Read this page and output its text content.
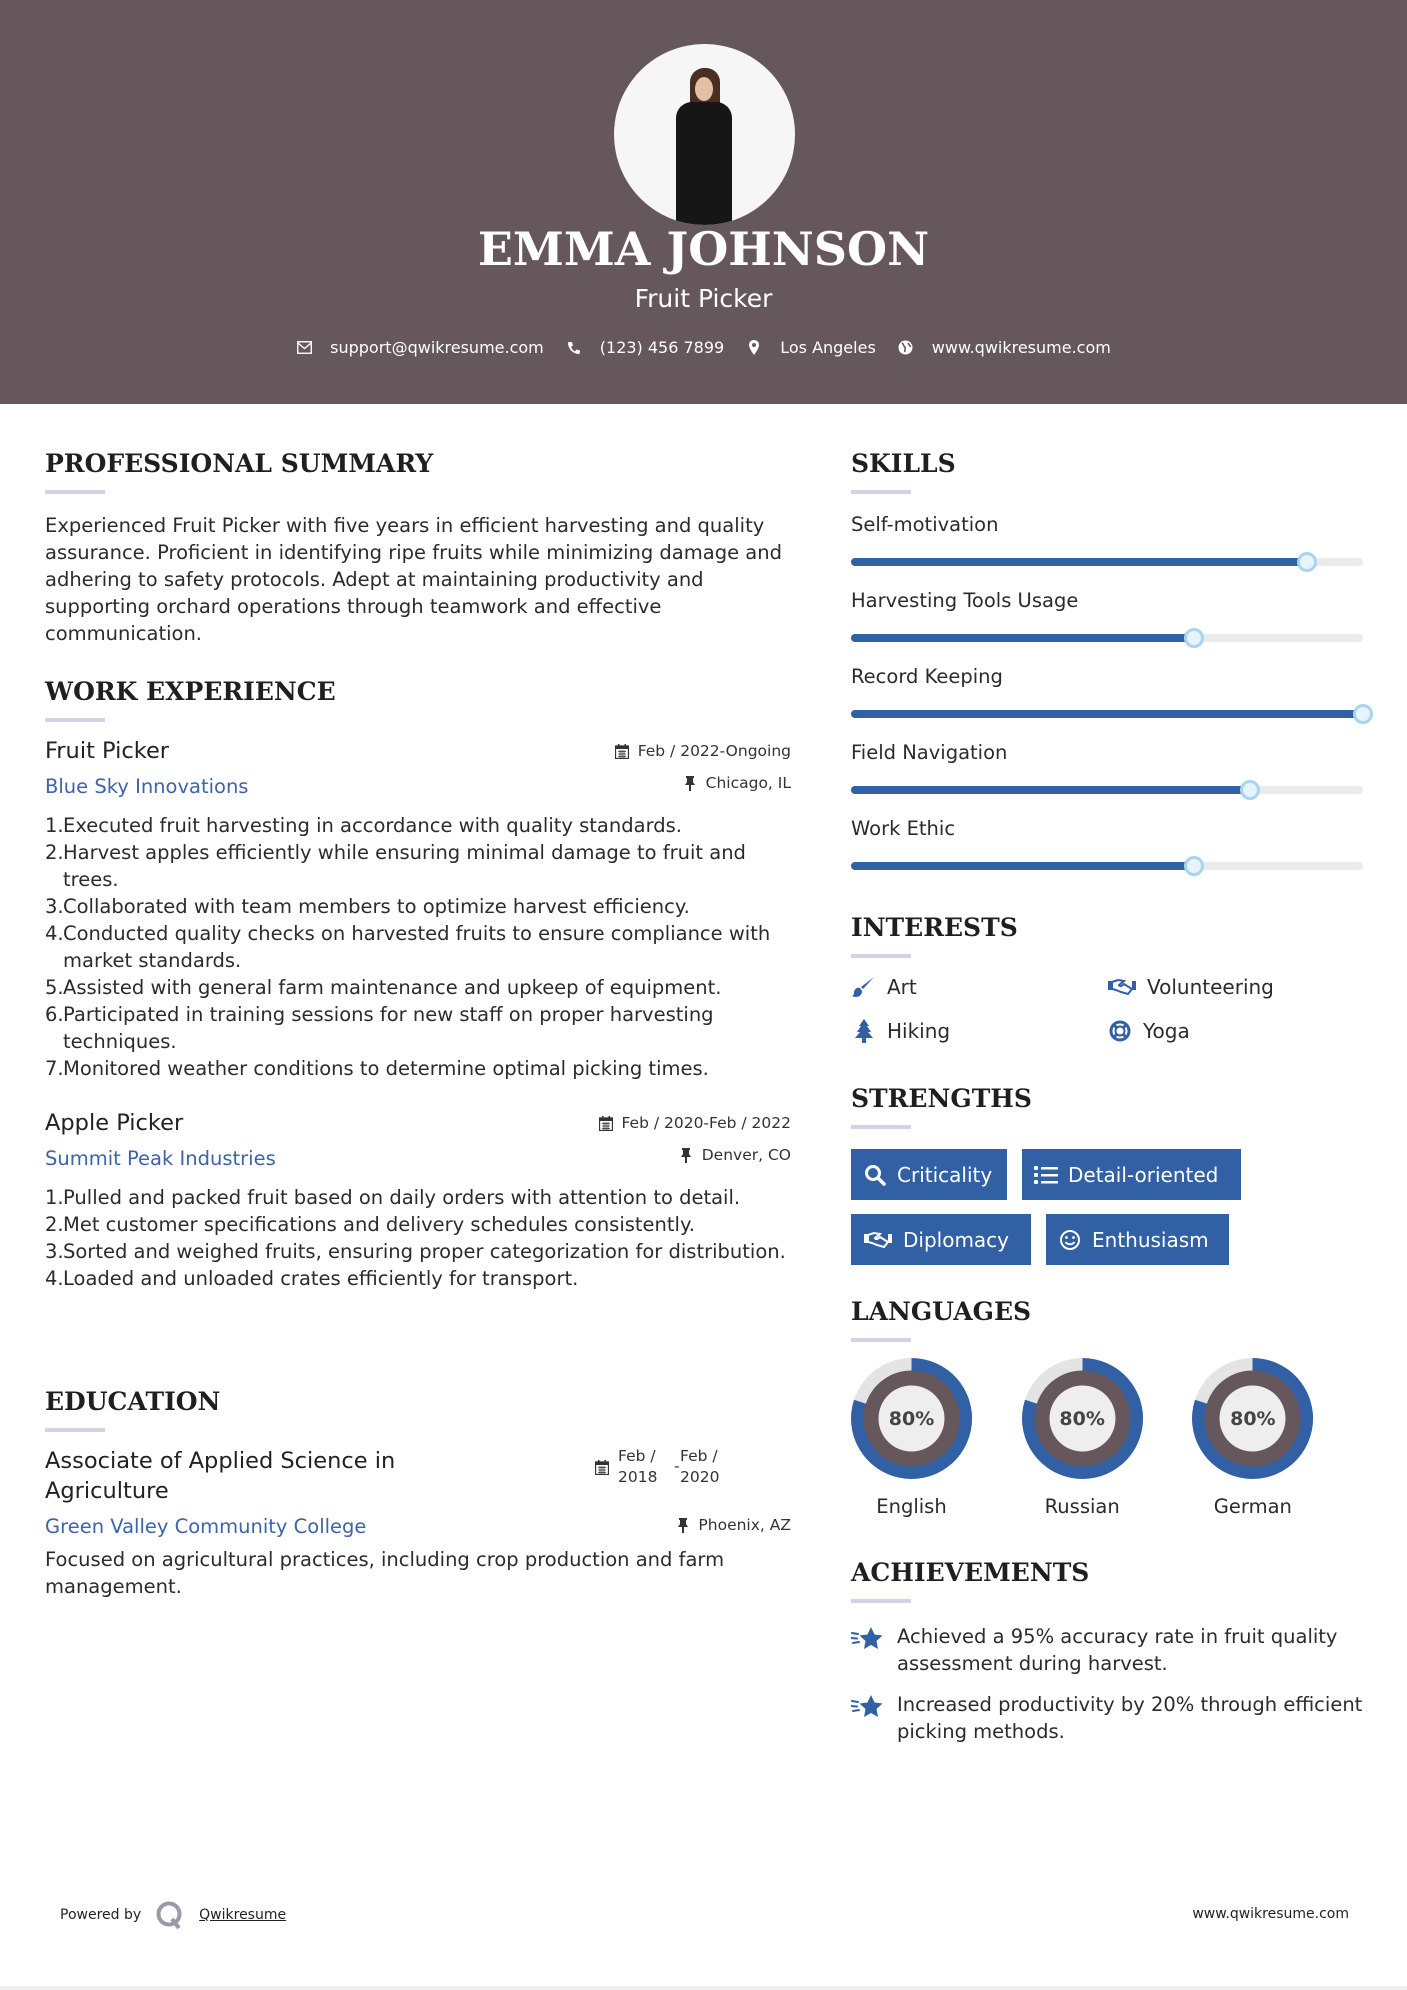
EMMA JOHNSON
Fruit Picker
support@qwikresume.com	(123) 456 7899	Los Angeles	www.qwikresume.com
PROFESSIONAL SUMMARY
Experienced Fruit Picker with five years in efficient harvesting and quality assurance. Proficient in identifying ripe fruits while minimizing damage and adhering to safety protocols. Adept at maintaining productivity and supporting orchard operations through teamwork and effective communication.
WORK EXPERIENCE
Feb / 2022-Ongoing
Chicago, IL
Fruit Picker
Blue Sky Innovations
Executed fruit harvesting in accordance with quality standards.
Harvest apples efficiently while ensuring minimal damage to fruit and trees.
Collaborated with team members to optimize harvest efficiency.
Conducted quality checks on harvested fruits to ensure compliance with market standards.
Assisted with general farm maintenance and upkeep of equipment.
Participated in training sessions for new staff on proper harvesting techniques.
Monitored weather conditions to determine optimal picking times.
Feb / 2020-Feb / 2022
Denver, CO
Apple Picker
Summit Peak Industries
Pulled and packed fruit based on daily orders with attention to detail.
Met customer specifications and delivery schedules consistently.
Sorted and weighed fruits, ensuring proper categorization for distribution.
Loaded and unloaded crates efficiently for transport.
EDUCATION
Feb /
2018
-
Feb /
2020
Associate of Applied Science in
Agriculture
Phoenix, AZ
Green Valley Community College
Focused on agricultural practices, including crop production and farm management.
SKILLS
Self-motivation
Harvesting Tools Usage
Record Keeping
Field Navigation
Work Ethic
INTERESTS
Art	Volunteering
Hiking	Yoga
STRENGTHS
Criticality	Detail-oriented
Diplomacy	Enthusiasm
LANGUAGES
80%
English
80%
Russian
80%
German
ACHIEVEMENTS
Achieved a 95% accuracy rate in fruit quality assessment during harvest.
Increased productivity by 20% through efficient picking methods.
Powered by	Qwikresume	www.qwikresume.com
